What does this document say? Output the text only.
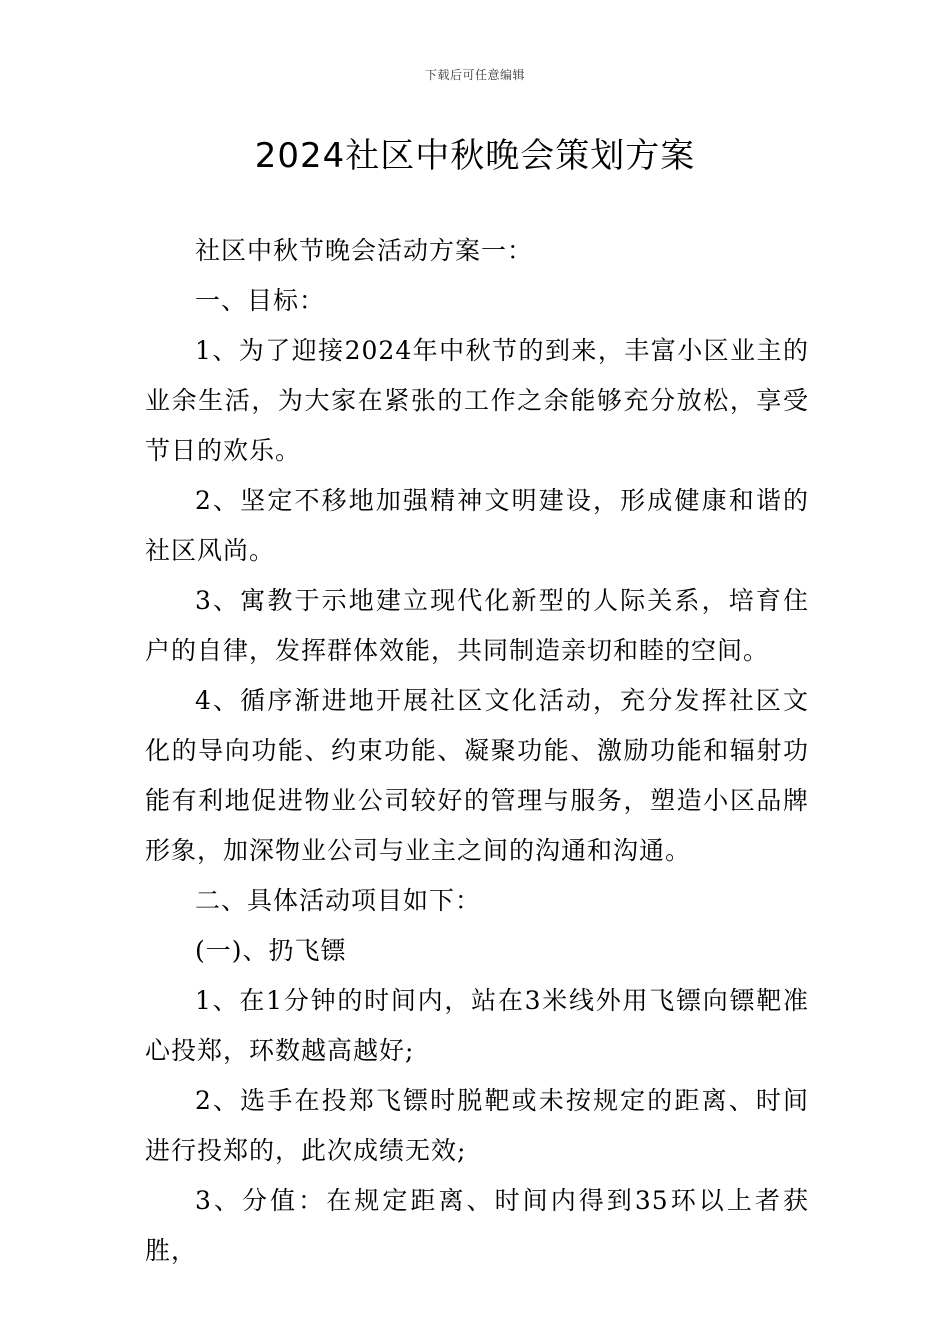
下载后可任意编辑
2024社区中秋晚会策划方案

社区中秋节晚会活动方案一：

一、目标：

1、为了迎接2024年中秋节的到来，丰富小区业主的业余生活，为大家在紧张的工作之余能够充分放松，享受节日的欢乐。

2、坚定不移地加强精神文明建设，形成健康和谐的社区风尚。

3、寓教于示地建立现代化新型的人际关系，培育住户的自律，发挥群体效能，共同制造亲切和睦的空间。

4、循序渐进地开展社区文化活动，充分发挥社区文化的导向功能、约束功能、凝聚功能、激励功能和辐射功能有利地促进物业公司较好的管理与服务，塑造小区品牌形象，加深物业公司与业主之间的沟通和沟通。

二、具体活动项目如下：

(一)、扔飞镖

1、在1分钟的时间内，站在3米线外用飞镖向镖靶准心投郑，环数越高越好;

2、选手在投郑飞镖时脱靶或未按规定的距离、时间进行投郑的，此次成绩无效;

3、分值：在规定距离、时间内得到35环以上者获胜，
